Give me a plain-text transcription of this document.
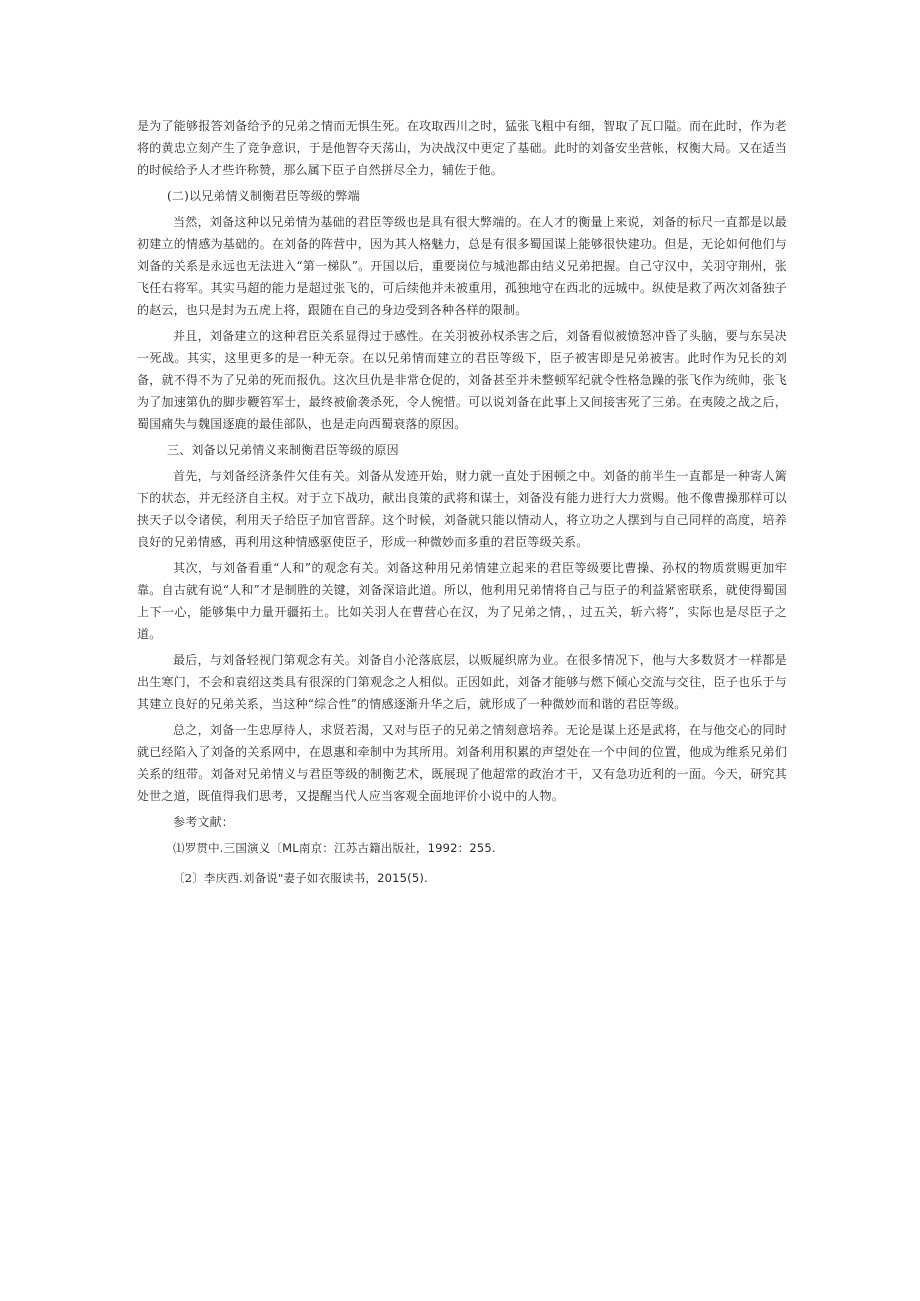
是为了能够报答刘备给予的兄弟之情而无惧生死。在攻取西川之时，猛张飞粗中有细，智取了瓦口隘。而在此时，作为老将的黄忠立刻产生了竞争意识，于是他智夺天荡山，为决战汉中更定了基础。此时的刘备安坐营帐，权衡大局。又在适当的时候给予人才些许称赞，那么属下臣子自然拼尽全力，辅佐于他。

(二)以兄弟情义制衡君臣等级的弊端

当然，刘备这种以兄弟情为基础的君臣等级也是具有很大弊端的。在人才的衡量上来说，刘备的标尺一直都是以最初建立的情感为基础的。在刘备的阵营中，因为其人格魅力，总是有很多蜀国谋上能够很快建功。但是，无论如何他们与刘备的关系是永远也无法进入“第一梯队”。开国以后，重要岗位与城池都由结义兄弟把握。自己守汉中，关羽守荆州，张飞任右将军。其实马超的能力是超过张飞的，可后续他并未被重用，孤独地守在西北的远城中。纵使是救了两次刘备独子的赵云，也只是封为五虎上将，跟随在自己的身边受到各种各样的限制。

并且，刘备建立的这种君臣关系显得过于感性。在关羽被孙权杀害之后，刘备看似被愤怒冲昏了头脑，要与东吴决一死战。其实，这里更多的是一种无奈。在以兄弟情而建立的君臣等级下，臣子被害即是兄弟被害。此时作为兄长的刘备，就不得不为了兄弟的死而报仇。这次旦仇是非常仓促的，刘备甚至并未整顿军纪就令性格急躁的张飞作为统帅，张飞为了加速第仇的脚步鞭笞军士，最终被偷袭杀死，令人惋惜。可以说刘备在此事上又间接害死了三弟。在夷陵之战之后，蜀国痛失与魏国逐鹿的最佳部队，也是走向西蜀衰落的原因。

三、刘备以兄弟情义来制衡君臣等级的原因

首先，与刘备经济条件欠佳有关。刘备从发迹开始，财力就一直处于困顿之中。刘备的前半生一直都是一种寄人篱下的状态，并无经济自主权。对于立下战功，献出良策的武将和谋士，刘备没有能力进行大力赏赐。他不像曹操那样可以挟天子以令诸侯，利用天子给臣子加官晋辞。这个时候，刘备就只能以情动人，将立功之人摆到与自己同样的高度，培养良好的兄弟情感，再利用这种情感驱使臣子，形成一种微妙而多重的君臣等级关系。

其次，与刘备看重“人和”的观念有关。刘备这种用兄弟情建立起来的君臣等级要比曹操、孙权的物质赏赐更加牢靠。自古就有说“人和”才是制胜的关键，刘备深谙此道。所以，他利用兄弟情将自己与臣子的利益紧密联系，就使得蜀国上下一心，能够集中力量开疆拓土。比如关羽人在曹营心在汉，为了兄弟之情，，过五关，斩六将”，实际也是尽臣子之道。

最后，与刘备轻视门第观念有关。刘备自小沦落底层，以贩屣织席为业。在很多情况下，他与大多数贤才一样都是出生寒门，不会和袁绍这类具有很深的门第观念之人相似。正因如此，刘备才能够与燃下倾心交流与交往，臣子也乐于与其建立良好的兄弟关系，当这种“综合性”的情感逐渐升华之后，就形成了一种微妙而和谐的君臣等级。

总之，刘备一生忠厚待人，求贤若渴，又对与臣子的兄弟之情刻意培养。无论是谋上还是武将，在与他交心的同时就已经陷入了刘备的关系网中，在恩惠和牵制中为其所用。刘备利用积累的声望处在一个中间的位置，他成为维系兄弟们关系的纽带。刘备对兄弟情义与君臣等级的制衡艺术，既展现了他超常的政治才干，又有急功近利的一面。今天，研究其处世之道，既值得我们思考，又提醒当代人应当客观全面地评价小说中的人物。

参考文献：

⑴罗贯中.三国演义〔ML南京：江苏古籍出版社，1992：255.

〔2〕李庆西.刘备说"妻子如衣服读书，2015(5).
